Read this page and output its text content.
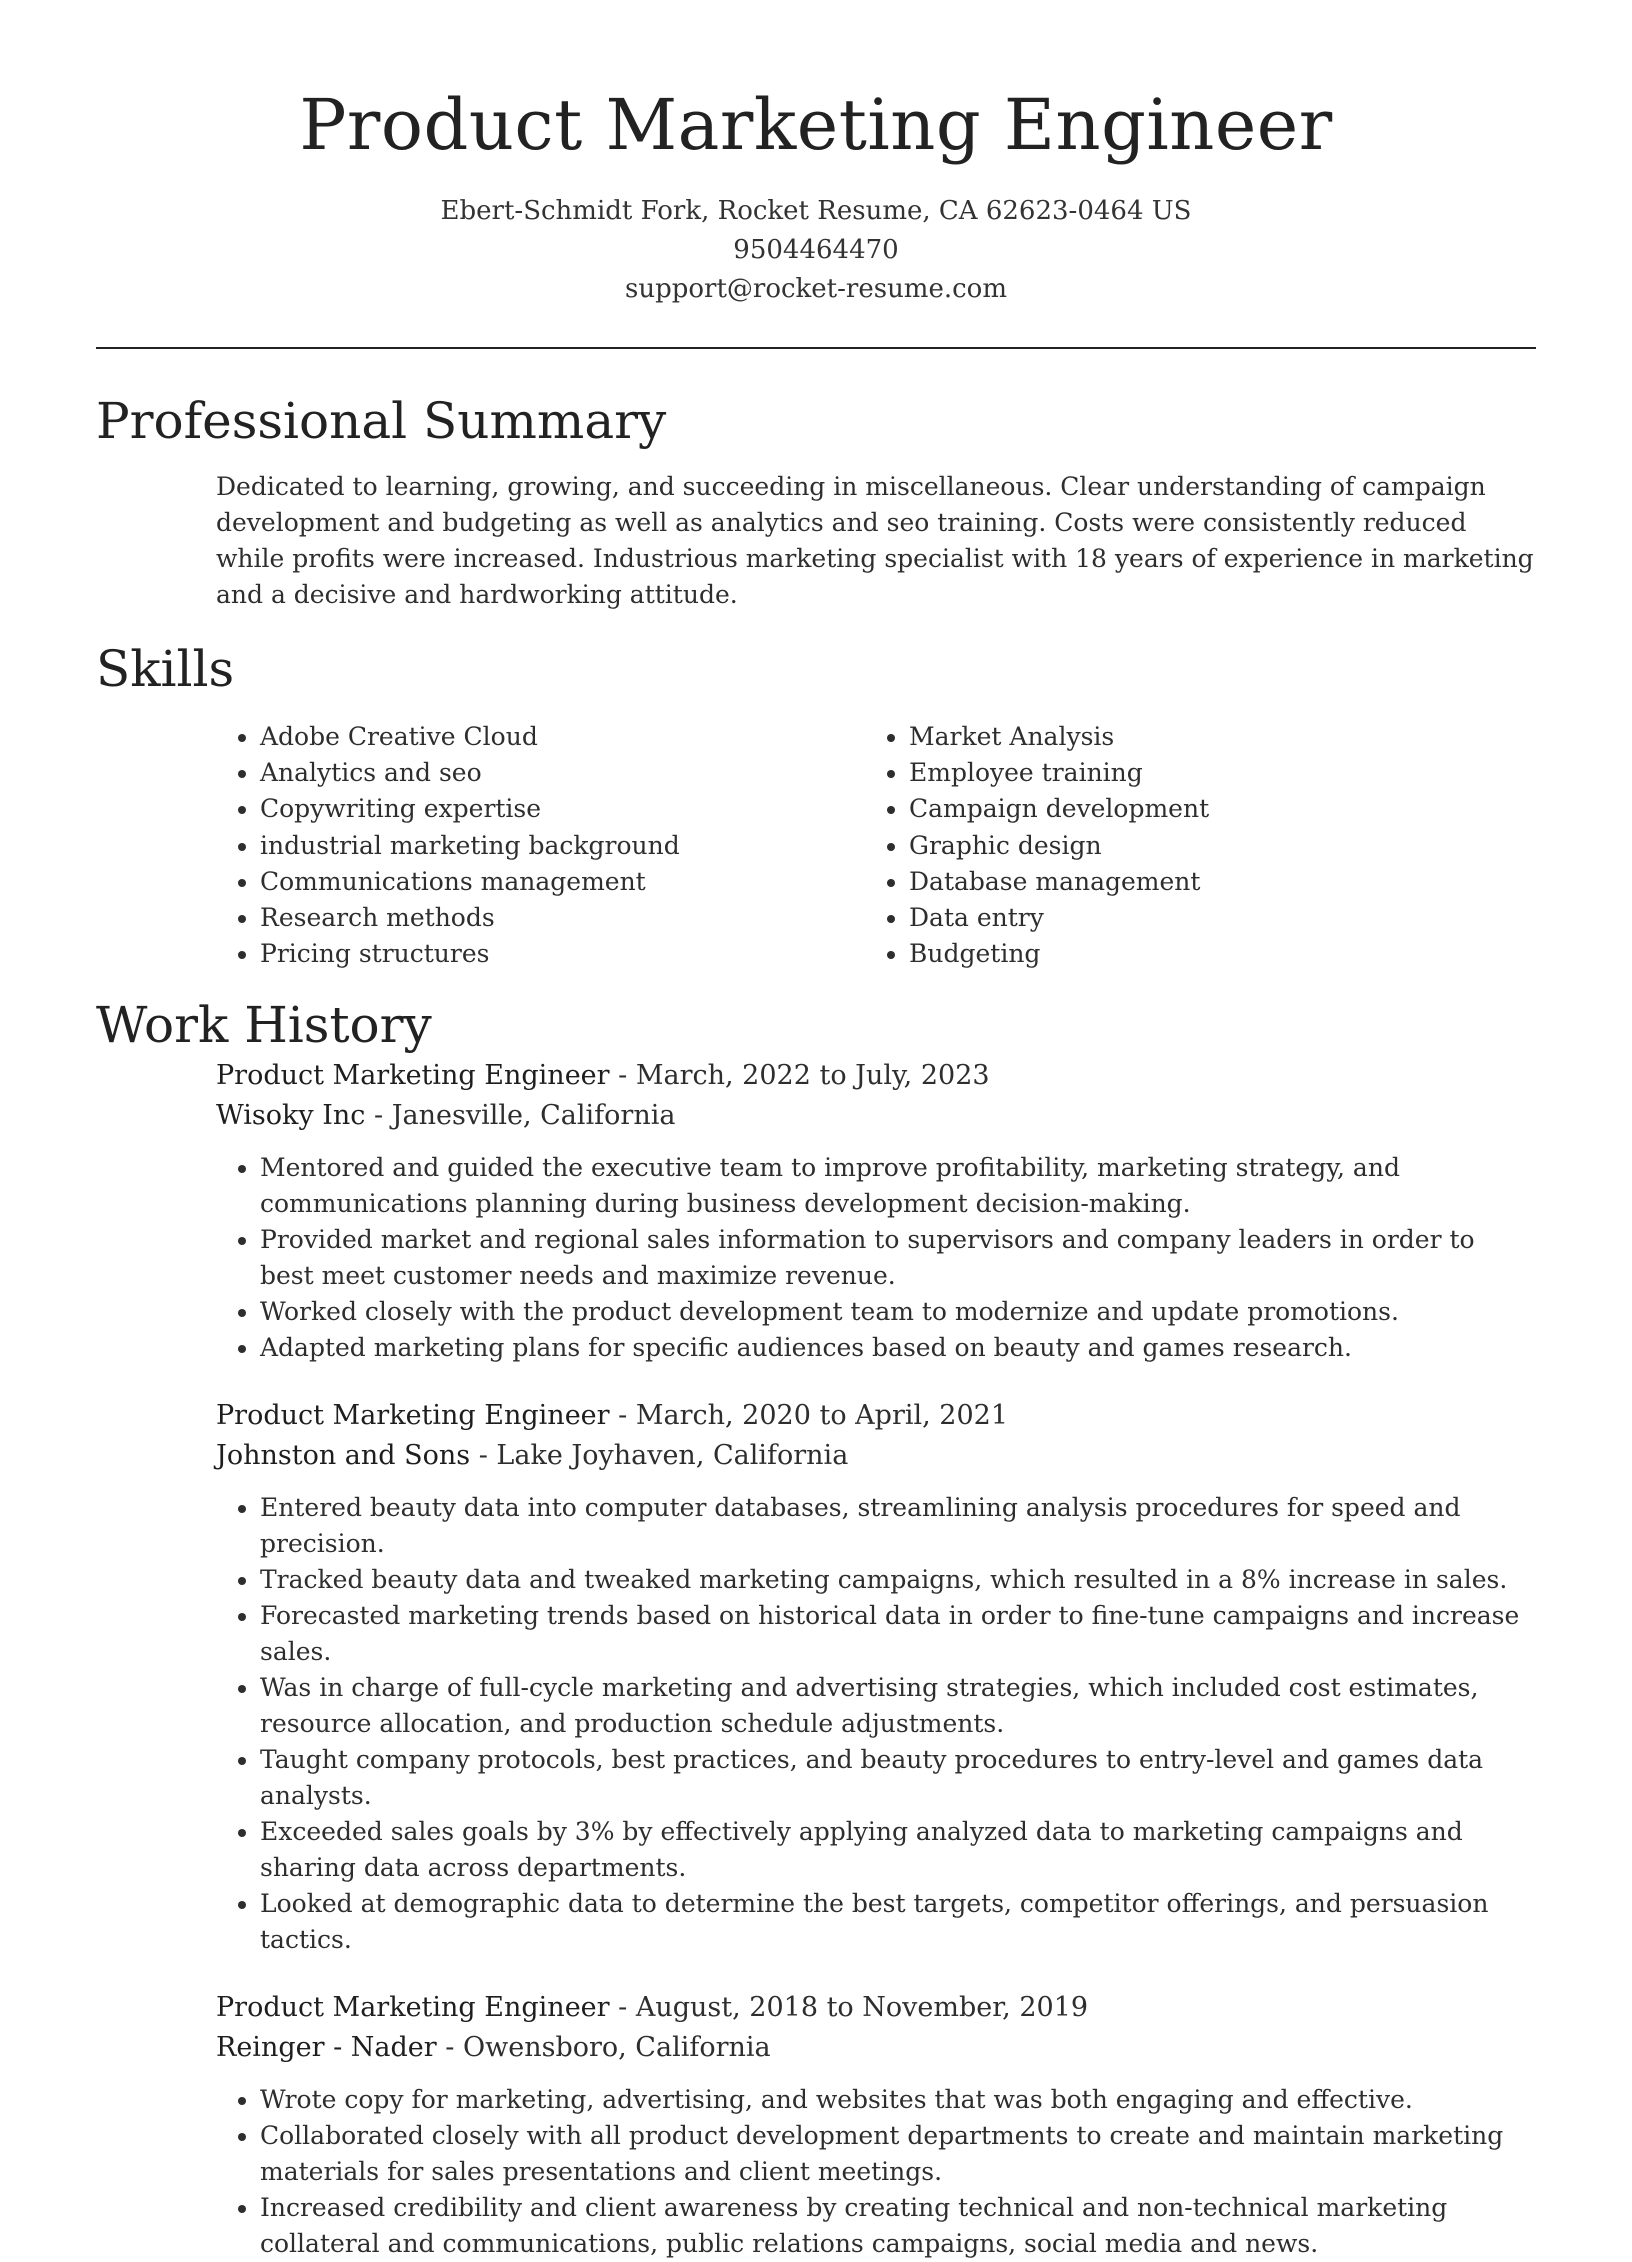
Product Marketing Engineer
Ebert-Schmidt Fork, Rocket Resume, CA 62623-0464 US
9504464470
support@rocket-resume.com
Professional Summary

Dedicated to learning, growing, and succeeding in miscellaneous. Clear understanding of campaign development and budgeting as well as analytics and seo training. Costs were consistently reduced while profits were increased. Industrious marketing specialist with 18 years of experience in marketing and a decisive and hardworking attitude.

Skills
• Adobe Creative Cloud
• Analytics and seo
• Copywriting expertise
• industrial marketing background
• Communications management
• Research methods
• Pricing structures
• Market Analysis
• Employee training
• Campaign development
• Graphic design
• Database management
• Data entry
• Budgeting
Work History
Product Marketing Engineer - March, 2022 to July, 2023
Wisoky Inc - Janesville, California
• Mentored and guided the executive team to improve profitability, marketing strategy, and communications planning during business development decision-making.
• Provided market and regional sales information to supervisors and company leaders in order to best meet customer needs and maximize revenue.
• Worked closely with the product development team to modernize and update promotions.
• Adapted marketing plans for specific audiences based on beauty and games research.
Product Marketing Engineer - March, 2020 to April, 2021
Johnston and Sons - Lake Joyhaven, California
• Entered beauty data into computer databases, streamlining analysis procedures for speed and precision.
• Tracked beauty data and tweaked marketing campaigns, which resulted in a 8% increase in sales.
• Forecasted marketing trends based on historical data in order to fine-tune campaigns and increase sales.
• Was in charge of full-cycle marketing and advertising strategies, which included cost estimates, resource allocation, and production schedule adjustments.
• Taught company protocols, best practices, and beauty procedures to entry-level and games data analysts.
• Exceeded sales goals by 3% by effectively applying analyzed data to marketing campaigns and sharing data across departments.
• Looked at demographic data to determine the best targets, competitor offerings, and persuasion tactics.
Product Marketing Engineer - August, 2018 to November, 2019
Reinger - Nader - Owensboro, California
• Wrote copy for marketing, advertising, and websites that was both engaging and effective.
• Collaborated closely with all product development departments to create and maintain marketing materials for sales presentations and client meetings.
• Increased credibility and client awareness by creating technical and non-technical marketing collateral and communications, public relations campaigns, social media and news.
